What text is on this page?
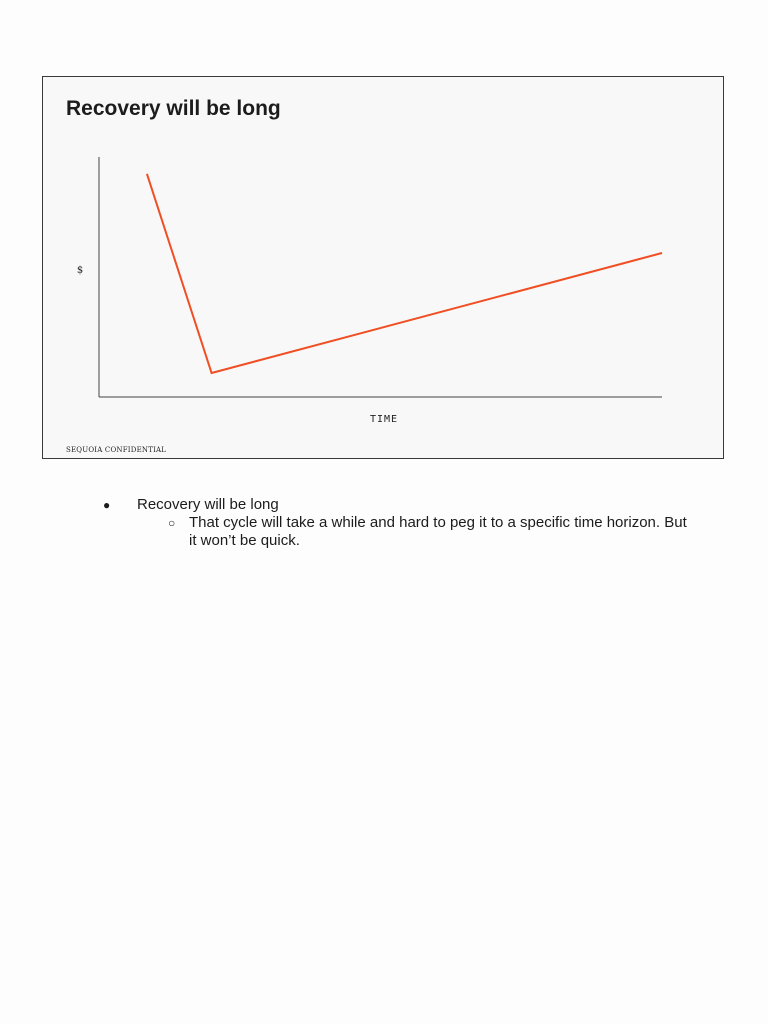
Recovery will be long
$
TIME
SEQUOIA CONFIDENTIAL
● Recovery will be long
○ That cycle will take a while and hard to peg it to a specific time horizon. But it won’t be quick.
